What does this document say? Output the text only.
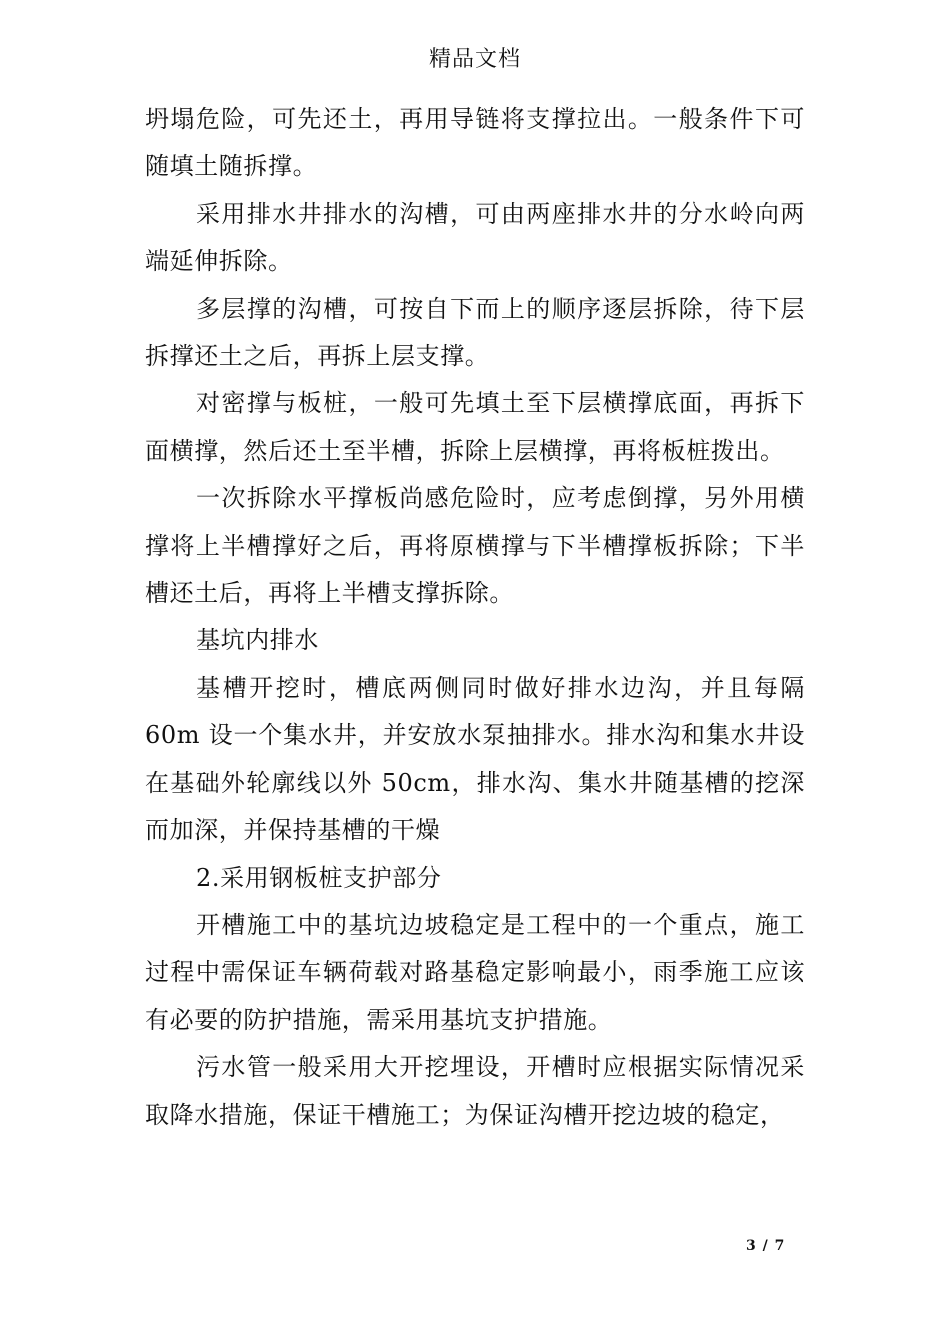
精品文档

坍塌危险，可先还土，再用导链将支撑拉出。一般条件下可随填土随拆撑。

采用排水井排水的沟槽，可由两座排水井的分水岭向两端延伸拆除。

多层撑的沟槽，可按自下而上的顺序逐层拆除，待下层拆撑还土之后，再拆上层支撑。

对密撑与板桩，一般可先填土至下层横撑底面，再拆下面横撑，然后还土至半槽，拆除上层横撑，再将板桩拨出。

一次拆除水平撑板尚感危险时，应考虑倒撑，另外用横撑将上半槽撑好之后，再将原横撑与下半槽撑板拆除；下半槽还土后，再将上半槽支撑拆除。

基坑内排水

基槽开挖时，槽底两侧同时做好排水边沟，并且每隔 60m 设一个集水井，并安放水泵抽排水。排水沟和集水井设在基础外轮廓线以外 50cm，排水沟、集水井随基槽的挖深而加深，并保持基槽的干燥

2.采用钢板桩支护部分

开槽施工中的基坑边坡稳定是工程中的一个重点，施工过程中需保证车辆荷载对路基稳定影响最小，雨季施工应该有必要的防护措施，需采用基坑支护措施。

污水管一般采用大开挖埋设，开槽时应根据实际情况采取降水措施，保证干槽施工；为保证沟槽开挖边坡的稳定，

3 / 7
